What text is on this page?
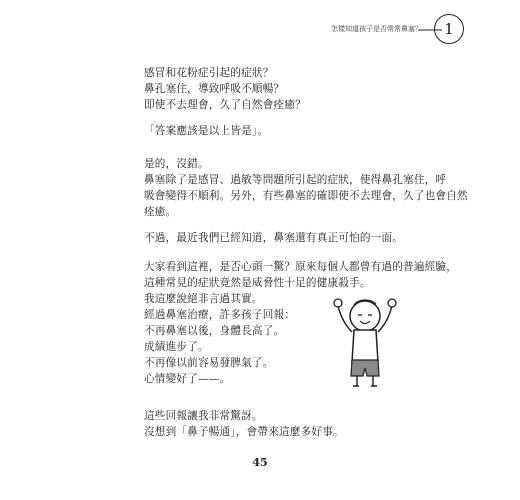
怎樣知道孩子是否常常鼻塞？ 1
感冒和花粉症引起的症狀？
鼻孔塞住，導致呼吸不順暢？
即使不去理會，久了自然會痊癒？
「答案應該是以上皆是」。
是的，沒錯。
鼻塞除了是感冒、過敏等問題所引起的症狀，使得鼻孔塞住，呼
吸會變得不順利。另外，有些鼻塞的確即使不去理會，久了也會自然
痊癒。
不過，最近我們已經知道，鼻塞還有真正可怕的一面。
大家看到這裡，是否心頭一驚？原來每個人都曾有過的普遍經驗，
這種常見的症狀竟然是威脅性十足的健康殺手。
我這麼說絕非言過其實。
經過鼻塞治療，許多孩子回報：
不再鼻塞以後，身體長高了。
成績進步了。
不再像以前容易發脾氣了。
心情變好了——。
這些回報讓我非常驚訝。
沒想到「鼻子暢通」，會帶來這麼多好事。
45
